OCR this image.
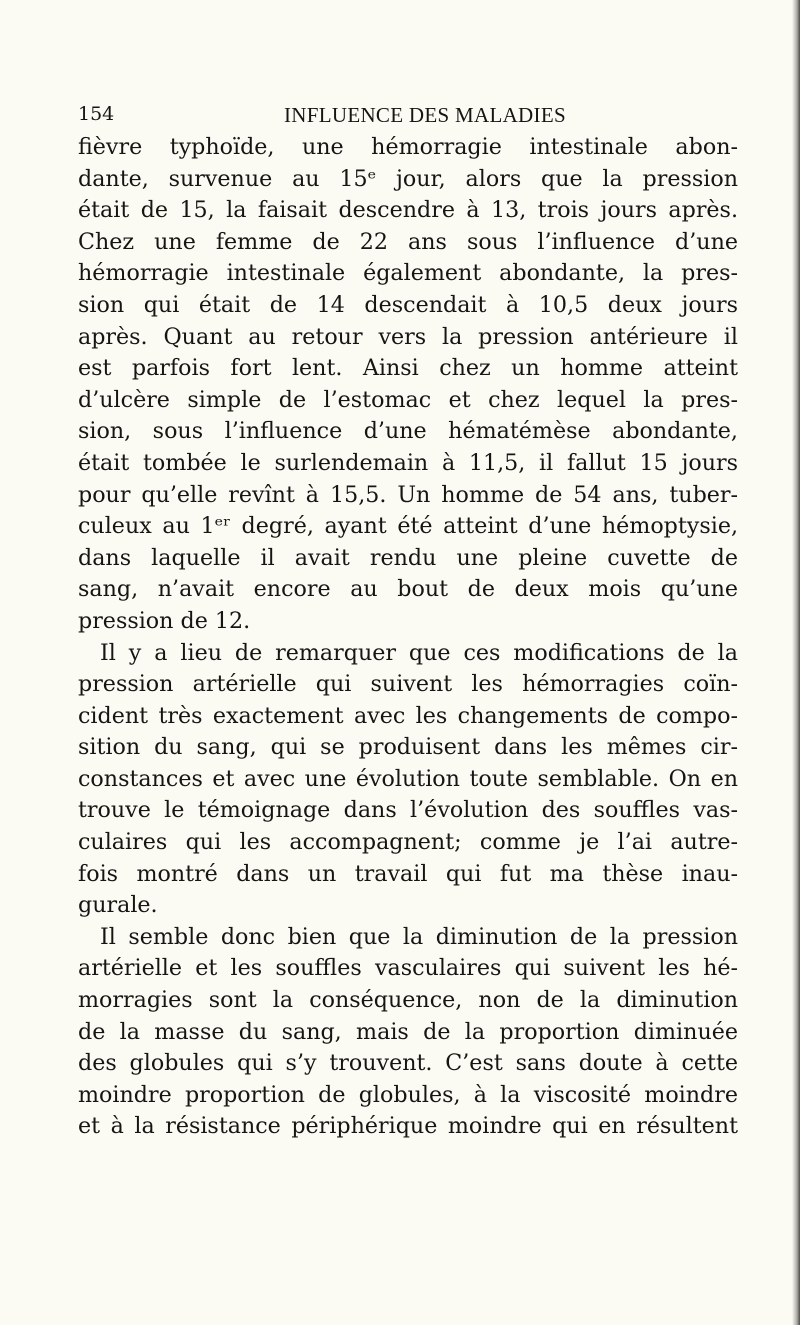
154	INFLUENCE DES MALADIES
fièvre typhoïde, une hémorragie intestinale abon-
dante, survenue au 15ᵉ jour, alors que la pression
était de 15, la faisait descendre à 13, trois jours après.
Chez une femme de 22 ans sous l’influence d’une
hémorragie intestinale également abondante, la pres-
sion qui était de 14 descendait à 10,5 deux jours
après. Quant au retour vers la pression antérieure il
est parfois fort lent. Ainsi chez un homme atteint
d’ulcère simple de l’estomac et chez lequel la pres-
sion, sous l’influence d’une hématémèse abondante,
était tombée le surlendemain à 11,5, il fallut 15 jours
pour qu’elle revînt à 15,5. Un homme de 54 ans, tuber-
culeux au 1ᵉʳ degré, ayant été atteint d’une hémoptysie,
dans laquelle il avait rendu une pleine cuvette de
sang, n’avait encore au bout de deux mois qu’une
pression de 12.
Il y a lieu de remarquer que ces modifications de la
pression artérielle qui suivent les hémorragies coïn-
cident très exactement avec les changements de compo-
sition du sang, qui se produisent dans les mêmes cir-
constances et avec une évolution toute semblable. On en
trouve le témoignage dans l’évolution des souffles vas-
culaires qui les accompagnent; comme je l’ai autre-
fois montré dans un travail qui fut ma thèse inau-
gurale.
Il semble donc bien que la diminution de la pression
artérielle et les souffles vasculaires qui suivent les hé-
morragies sont la conséquence, non de la diminution
de la masse du sang, mais de la proportion diminuée
des globules qui s’y trouvent. C’est sans doute à cette
moindre proportion de globules, à la viscosité moindre
et à la résistance périphérique moindre qui en résultent
